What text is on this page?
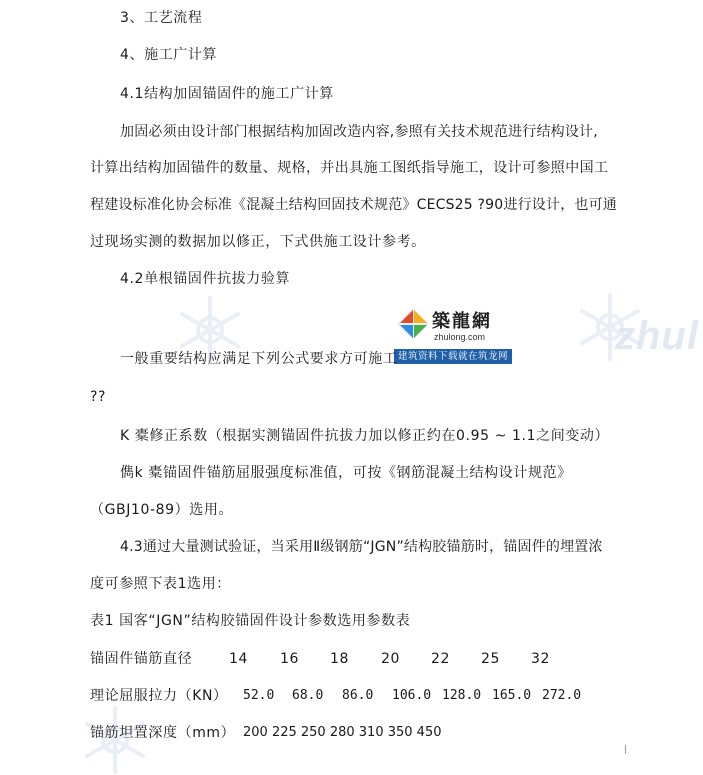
zhul
築龍網
zhulong.com
建筑资料下载就在筑龙网
3、工艺流程
4、施工广计算
4.1结构加固锚固件的施工广计算
加固必须由设计部门根据结构加固改造内容,参照有关技术规范进行结构设计,
计算出结构加固锚件的数量、规格，并出具施工图纸指导施工，设计可参照中国工
程建设标准化协会标准《混凝土结构回固技术规范》CECS25 ?90进行设计，也可通
过现场实测的数据加以修正，下式供施工设计参考。
4.2单根锚固件抗拔力验算
一般重要结构应满足下列公式要求方可施工
??
K 橐修正系数（根据实测锚固件抗拔力加以修正约在0.95 ~ 1.1之间变动）
儁k 橐锚固件锚筋屈服强度标准值，可按《钢筋混凝土结构设计规范》
（GBJ10-89）选用。
4.3通过大量测试验证，当采用Ⅱ级钢筋“JGN”结构胶锚筋时，锚固件的埋置浓
度可参照下表1选用：
表1 国客“JGN”结构胶锚固件设计参数选用参数表
锚固件锚筋直径	14 16 18 20 22 25 32
理论屈服拉力（KN） 52.0 68.0 86.0 106.0 128.0 165.0 272.0
锚筋坦置深度（mm） 200 225 250 280 310 350 450
